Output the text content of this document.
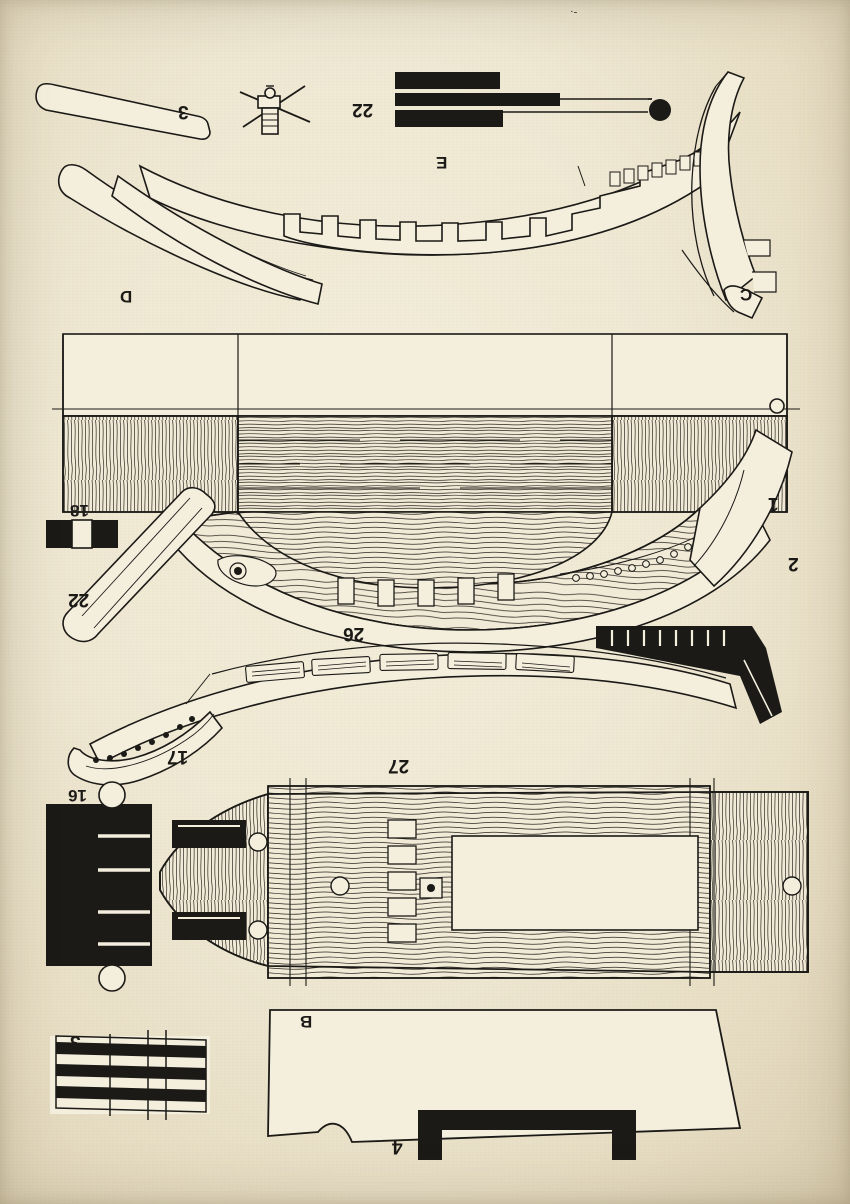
·-
3	22
E
D	C
1
2
18
22
26
17
16
27
B
3
4
